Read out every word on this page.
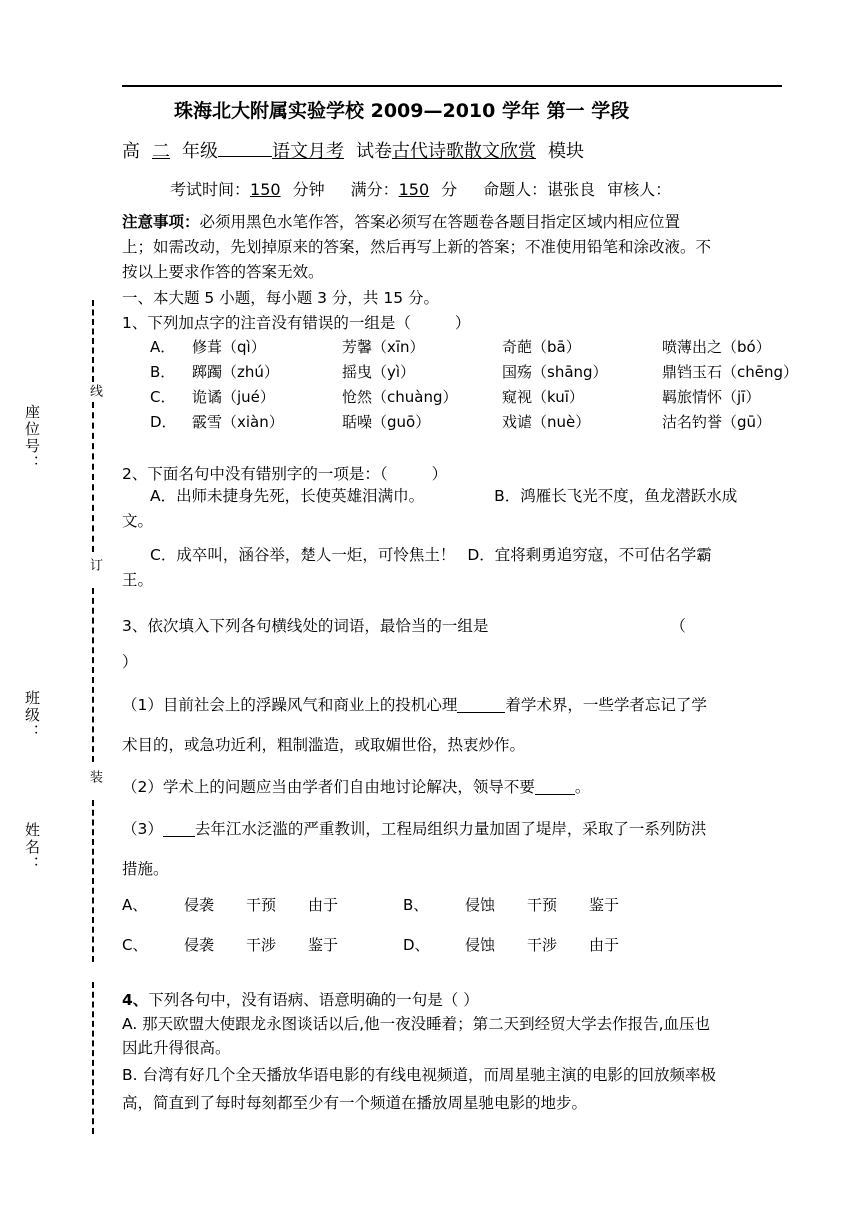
座位号：
班级：
姓名：
线
订
装
珠海北大附属实验学校 2009—2010 学年 第一 学段
高 二 年级	语文月考 试卷古代诗歌散文欣赏 模块
考试时间：150 分钟 满分：150 分 命题人：谌张良 审核人：
注意事项：必须用黑色水笔作答，答案必须写在答题卷各题目指定区域内相应位置
上；如需改动，先划掉原来的答案，然后再写上新的答案；不准使用铅笔和涂改液。不
按以上要求作答的答案无效。
一、本大题 5 小题，每小题 3 分，共 15 分。
1、下列加点字的注音没有错误的一组是（	）
A． 修葺（qì）	芳馨（xīn）	奇葩（bā）	喷薄出之（bó）
B． 踯躅（zhú）	摇曳（yì）	国殇（shāng）	鼎铛玉石（chēng）
C． 诡谲（jué）	怆然（chuàng）	窥视（kuī）	羁旅情怀（jī）
D． 霰雪（xiàn）	聒噪（guō）	戏谑（nuè）	沽名钓誉（gū）
2、下面名句中没有错别字的一项是：（	）
A．出师未捷身先死，长使英雄泪满巾。	B．鸿雁长飞光不度，鱼龙潜跃水成
文。
C．成卒叫，涵谷举，楚人一炬，可怜焦土！ D．宜将剩勇追穷寇，不可估名学霸
王。
3、依次填入下列各句横线处的词语，最恰当的一组是	（
）
（1）目前社会上的浮躁风气和商业上的投机心理	着学术界，一些学者忘记了学
术目的，或急功近利，粗制滥造，或取媚世俗，热衷炒作。
（2）学术上的问题应当由学者们自由地讨论解决，领导不要	。
（3） 去年江水泛滥的严重教训，工程局组织力量加固了堤岸，采取了一系列防洪
措施。
A、 侵袭 干预 由于	B、 侵蚀 干预 鉴于
C、 侵袭 干涉 鉴于	D、 侵蚀 干涉 由于
4、下列各句中，没有语病、语意明确的一句是（ ）
A. 那天欧盟大使跟龙永图谈话以后,他一夜没睡着；第二天到经贸大学去作报告,血压也
因此升得很高。
B. 台湾有好几个全天播放华语电影的有线电视频道，而周星驰主演的电影的回放频率极
高，简直到了每时每刻都至少有一个频道在播放周星驰电影的地步。
